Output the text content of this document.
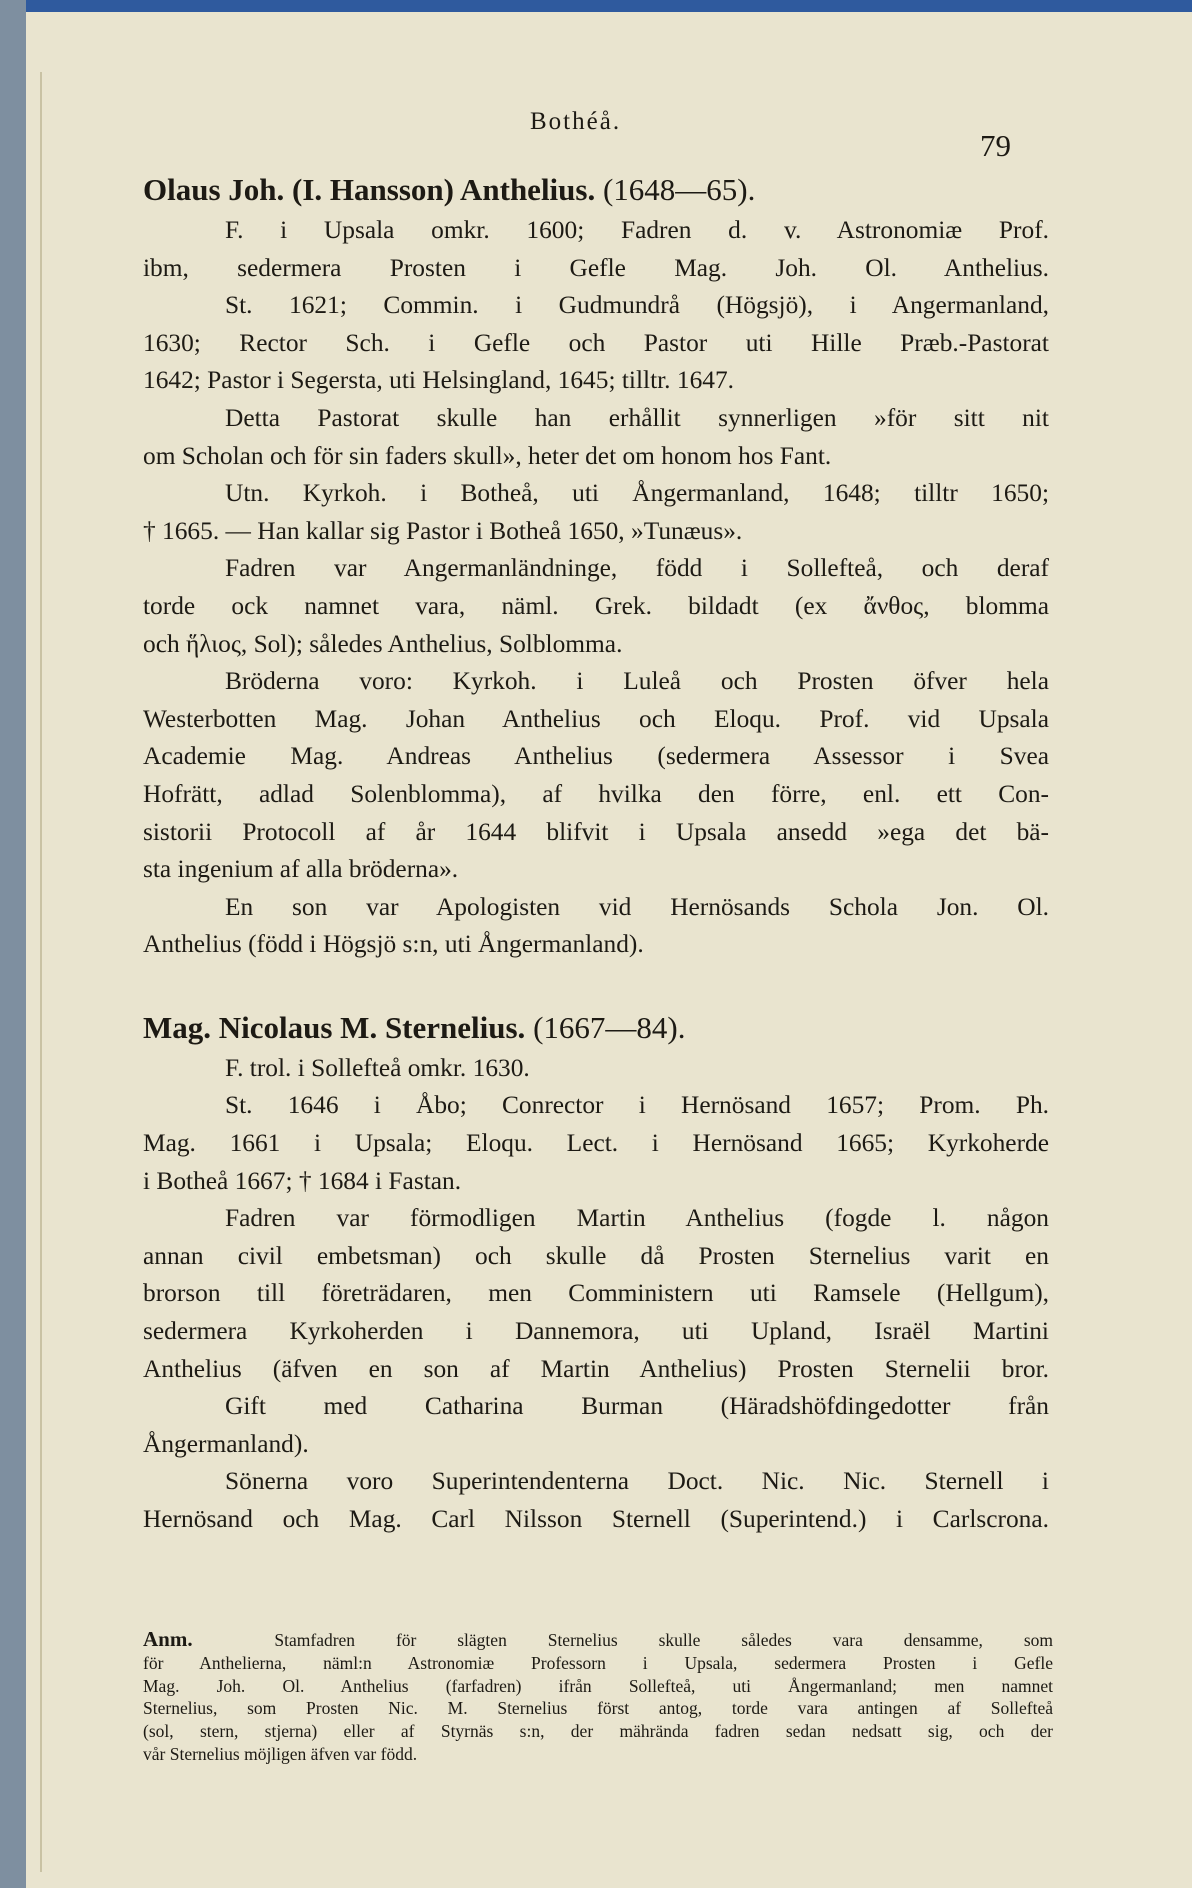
Bothéå.
79
Olaus Joh. (I. Hansson) Anthelius. (1648—65).
F. i Upsala omkr. 1600; Fadren d. v. Astronomiæ Prof.
ibm, sedermera Prosten i Gefle Mag. Joh. Ol. Anthelius.
St. 1621; Commin. i Gudmundrå (Högsjö), i Angermanland,
1630; Rector Sch. i Gefle och Pastor uti Hille Præb.-Pastorat
1642; Pastor i Segersta, uti Helsingland, 1645; tilltr. 1647.
Detta Pastorat skulle han erhållit synnerligen »för sitt nit
om Scholan och för sin faders skull», heter det om honom hos Fant.
Utn. Kyrkoh. i Botheå, uti Ångermanland, 1648; tilltr 1650;
† 1665. — Han kallar sig Pastor i Botheå 1650, »Tunæus».
Fadren var Angermanländninge, född i Sollefteå, och deraf
torde ock namnet vara, näml. Grek. bildadt (ex ἄνθος, blomma
och ἥλιος, Sol); således Anthelius, Solblomma.
Bröderna voro: Kyrkoh. i Luleå och Prosten öfver hela
Westerbotten Mag. Johan Anthelius och Eloqu. Prof. vid Upsala
Academie Mag. Andreas Anthelius (sedermera Assessor i Svea
Hofrätt, adlad Solenblomma), af hvilka den förre, enl. ett Con-
sistorii Protocoll af år 1644 blifvit i Upsala ansedd »ega det bä-
sta ingenium af alla bröderna».
En son var Apologisten vid Hernösands Schola Jon. Ol.
Anthelius (född i Högsjö s:n, uti Ångermanland).
Mag. Nicolaus M. Sternelius. (1667—84).
F. trol. i Sollefteå omkr. 1630.
St. 1646 i Åbo; Conrector i Hernösand 1657; Prom. Ph.
Mag. 1661 i Upsala; Eloqu. Lect. i Hernösand 1665; Kyrkoherde
i Botheå 1667; † 1684 i Fastan.
Fadren var förmodligen Martin Anthelius (fogde l. någon
annan civil embetsman) och skulle då Prosten Sternelius varit en
brorson till företrädaren, men Comministern uti Ramsele (Hellgum),
sedermera Kyrkoherden i Dannemora, uti Upland, Israël Martini
Anthelius (äfven en son af Martin Anthelius) Prosten Sternelii bror.
Gift med Catharina Burman (Häradshöfdingedotter från
Ångermanland).
Sönerna voro Superintendenterna Doct. Nic. Nic. Sternell i
Hernösand och Mag. Carl Nilsson Sternell (Superintend.) i Carlscrona.
Anm.	Stamfadren för slägten Sternelius skulle således vara densamme, som
för Anthelierna, näml:n Astronomiæ Professorn i Upsala, sedermera Prosten i Gefle
Mag. Joh. Ol. Anthelius (farfadren) ifrån Sollefteå, uti Ångermanland; men namnet
Sternelius, som Prosten Nic. M. Sternelius först antog, torde vara antingen af Sollefteå
(sol, stern, stjerna) eller af Styrnäs s:n, der mährända fadren sedan nedsatt sig, och der
vår Sternelius möjligen äfven var född.
